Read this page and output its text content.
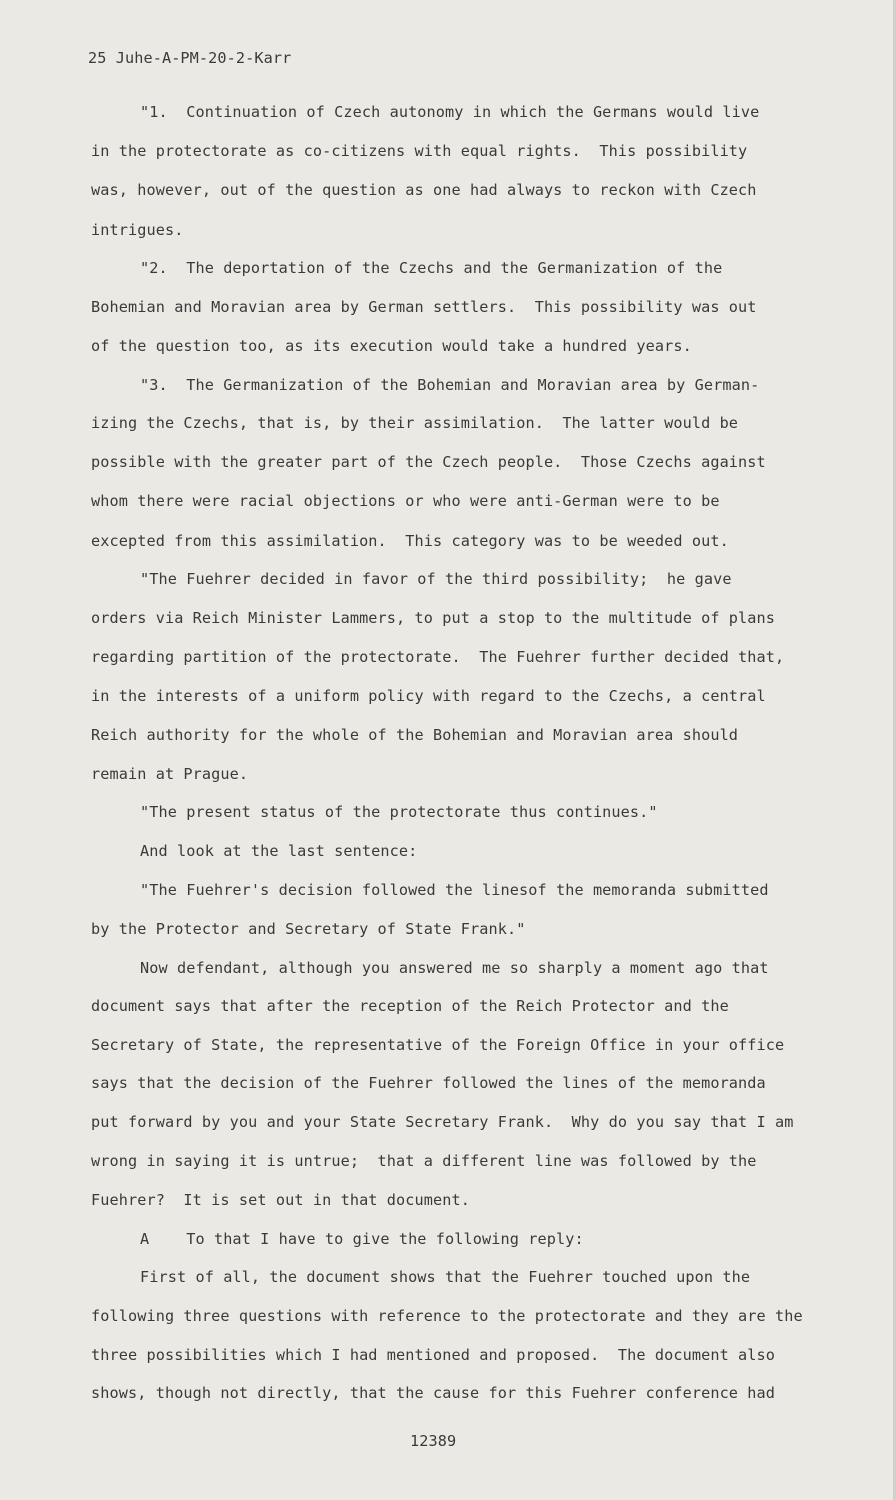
25 Juhe-A-PM-20-2-Karr
"1.  Continuation of Czech autonomy in which the Germans would live
in the protectorate as co-citizens with equal rights.  This possibility
was, however, out of the question as one had always to reckon with Czech
intrigues.
"2.  The deportation of the Czechs and the Germanization of the
Bohemian and Moravian area by German settlers.  This possibility was out
of the question too, as its execution would take a hundred years.
"3.  The Germanization of the Bohemian and Moravian area by German-
izing the Czechs, that is, by their assimilation.  The latter would be
possible with the greater part of the Czech people.  Those Czechs against
whom there were racial objections or who were anti-German were to be
excepted from this assimilation.  This category was to be weeded out.
"The Fuehrer decided in favor of the third possibility;  he gave
orders via Reich Minister Lammers, to put a stop to the multitude of plans
regarding partition of the protectorate.  The Fuehrer further decided that,
in the interests of a uniform policy with regard to the Czechs, a central
Reich authority for the whole of the Bohemian and Moravian area should
remain at Prague.
"The present status of the protectorate thus continues."
And look at the last sentence:
"The Fuehrer's decision followed the linesof the memoranda submitted
by the Protector and Secretary of State Frank."
Now defendant, although you answered me so sharply a moment ago that
document says that after the reception of the Reich Protector and the
Secretary of State, the representative of the Foreign Office in your office
says that the decision of the Fuehrer followed the lines of the memoranda
put forward by you and your State Secretary Frank.  Why do you say that I am
wrong in saying it is untrue;  that a different line was followed by the
Fuehrer?  It is set out in that document.
A    To that I have to give the following reply:
First of all, the document shows that the Fuehrer touched upon the
following three questions with reference to the protectorate and they are the
three possibilities which I had mentioned and proposed.  The document also
shows, though not directly, that the cause for this Fuehrer conference had
12389
